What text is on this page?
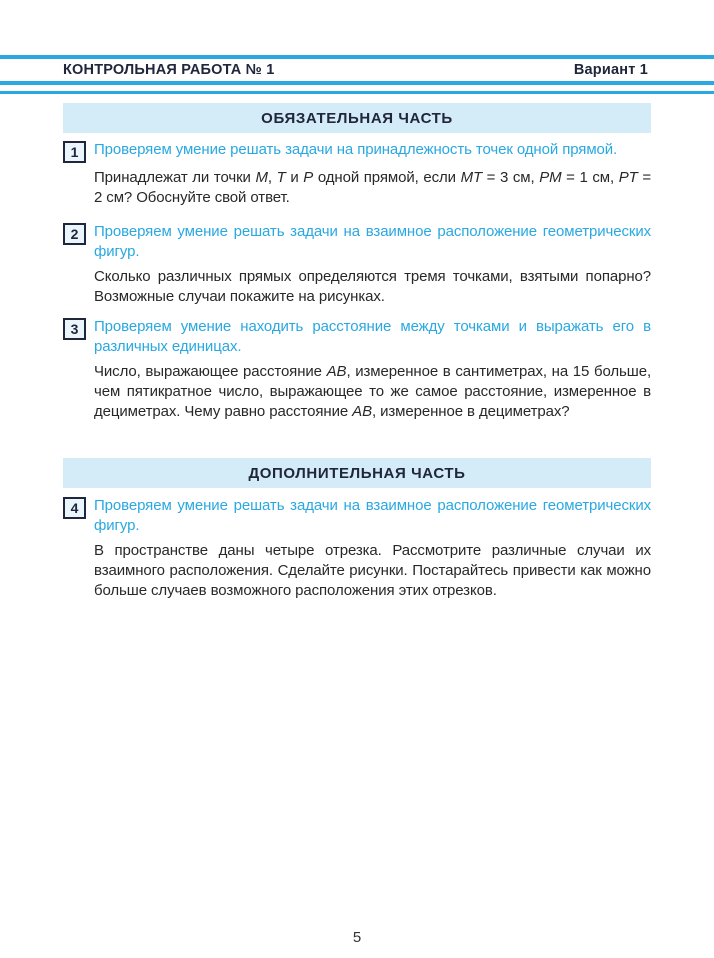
КОНТРОЛЬНАЯ РАБОТА № 1	Вариант 1
ОБЯЗАТЕЛЬНАЯ ЧАСТЬ
1	Проверяем умение решать задачи на принадлежность точек одной прямой.

Принадлежат ли точки M, T и P одной прямой, если MT = 3 см, PM = 1 см, PT = 2 см? Обоснуйте свой ответ.

2	Проверяем умение решать задачи на взаимное расположение геометрических фигур.

Сколько различных прямых определяются тремя точками, взятыми попарно? Возможные случаи покажите на рисунках.

3	Проверяем умение находить расстояние между точками и выражать его в различных единицах.

Число, выражающее расстояние AB, измеренное в сантиметрах, на 15 больше, чем пятикратное число, выражающее то же самое расстояние, измеренное в дециметрах. Чему равно расстояние AB, измеренное в дециметрах?

ДОПОЛНИТЕЛЬНАЯ ЧАСТЬ
4	Проверяем умение решать задачи на взаимное расположение геометрических фигур.

В пространстве даны четыре отрезка. Рассмотрите различные случаи их взаимного расположения. Сделайте рисунки. Постарайтесь привести как можно больше случаев возможного расположения этих отрезков.

5
